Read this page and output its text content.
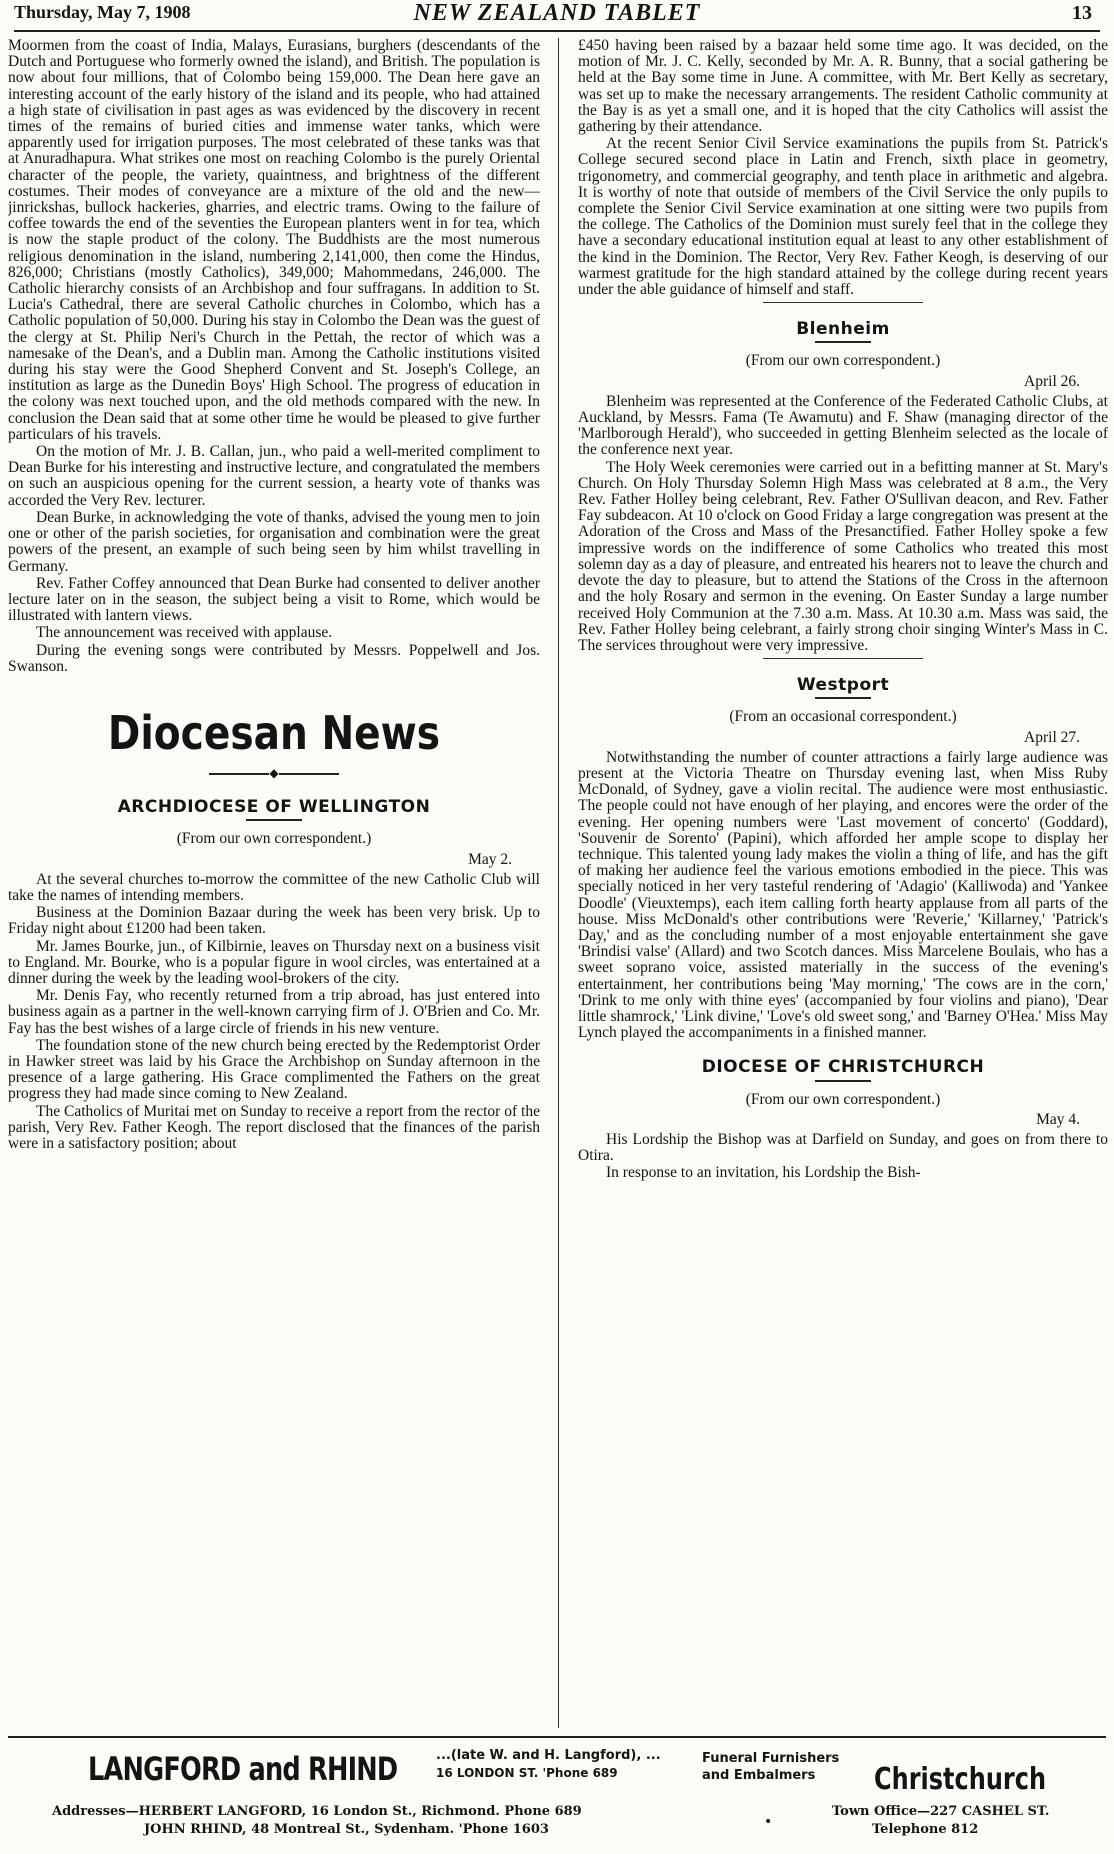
Thursday, May 7, 1908	NEW ZEALAND TABLET	13

Moormen from the coast of India, Malays, Eurasians, burghers (descendants of the Dutch and Portuguese who formerly owned the island), and British. The population is now about four millions, that of Colombo being 159,000. The Dean here gave an interesting account of the early history of the island and its people, who had attained a high state of civilisation in past ages as was evidenced by the discovery in recent times of the remains of buried cities and immense water tanks, which were apparently used for irrigation purposes. The most celebrated of these tanks was that at Anuradhapura. What strikes one most on reaching Colombo is the purely Oriental character of the people, the variety, quaintness, and brightness of the different costumes. Their modes of conveyance are a mixture of the old and the new—jinrickshas, bullock hackeries, gharries, and electric trams. Owing to the failure of coffee towards the end of the seventies the European planters went in for tea, which is now the staple product of the colony. The Buddhists are the most numerous religious denomination in the island, numbering 2,141,000, then come the Hindus, 826,000; Christians (mostly Catholics), 349,000; Mahommedans, 246,000. The Catholic hierarchy consists of an Archbishop and four suffragans. In addition to St. Lucia's Cathedral, there are several Catholic churches in Colombo, which has a Catholic population of 50,000. During his stay in Colombo the Dean was the guest of the clergy at St. Philip Neri's Church in the Pettah, the rector of which was a namesake of the Dean's, and a Dublin man. Among the Catholic institutions visited during his stay were the Good Shepherd Convent and St. Joseph's College, an institution as large as the Dunedin Boys' High School. The progress of education in the colony was next touched upon, and the old methods compared with the new. In conclusion the Dean said that at some other time he would be pleased to give further particulars of his travels.

On the motion of Mr. J. B. Callan, jun., who paid a well-merited compliment to Dean Burke for his interesting and instructive lecture, and congratulated the members on such an auspicious opening for the current session, a hearty vote of thanks was accorded the Very Rev. lecturer.

Dean Burke, in acknowledging the vote of thanks, advised the young men to join one or other of the parish societies, for organisation and combination were the great powers of the present, an example of such being seen by him whilst travelling in Germany.

Rev. Father Coffey announced that Dean Burke had consented to deliver another lecture later on in the season, the subject being a visit to Rome, which would be illustrated with lantern views.

The announcement was received with applause.

During the evening songs were contributed by Messrs. Poppelwell and Jos. Swanson.

Diocesan News
◆
ARCHDIOCESE OF WELLINGTON
(From our own correspondent.)
May 2.

At the several churches to-morrow the committee of the new Catholic Club will take the names of intending members.

Business at the Dominion Bazaar during the week has been very brisk. Up to Friday night about £1200 had been taken.

Mr. James Bourke, jun., of Kilbirnie, leaves on Thursday next on a business visit to England. Mr. Bourke, who is a popular figure in wool circles, was entertained at a dinner during the week by the leading wool-brokers of the city.

Mr. Denis Fay, who recently returned from a trip abroad, has just entered into business again as a partner in the well-known carrying firm of J. O'Brien and Co. Mr. Fay has the best wishes of a large circle of friends in his new venture.

The foundation stone of the new church being erected by the Redemptorist Order in Hawker street was laid by his Grace the Archbishop on Sunday afternoon in the presence of a large gathering. His Grace complimented the Fathers on the great progress they had made since coming to New Zealand.

The Catholics of Muritai met on Sunday to receive a report from the rector of the parish, Very Rev. Father Keogh. The report disclosed that the finances of the parish were in a satisfactory position; about

£450 having been raised by a bazaar held some time ago. It was decided, on the motion of Mr. J. C. Kelly, seconded by Mr. A. R. Bunny, that a social gathering be held at the Bay some time in June. A committee, with Mr. Bert Kelly as secretary, was set up to make the necessary arrangements. The resident Catholic community at the Bay is as yet a small one, and it is hoped that the city Catholics will assist the gathering by their attendance.

At the recent Senior Civil Service examinations the pupils from St. Patrick's College secured second place in Latin and French, sixth place in geometry, trigonometry, and commercial geography, and tenth place in arithmetic and algebra. It is worthy of note that outside of members of the Civil Service the only pupils to complete the Senior Civil Service examination at one sitting were two pupils from the college. The Catholics of the Dominion must surely feel that in the college they have a secondary educational institution equal at least to any other establishment of the kind in the Dominion. The Rector, Very Rev. Father Keogh, is deserving of our warmest gratitude for the high standard attained by the college during recent years under the able guidance of himself and staff.

Blenheim
(From our own correspondent.)
April 26.

Blenheim was represented at the Conference of the Federated Catholic Clubs, at Auckland, by Messrs. Fama (Te Awamutu) and F. Shaw (managing director of the 'Marlborough Herald'), who succeeded in getting Blenheim selected as the locale of the conference next year.

The Holy Week ceremonies were carried out in a befitting manner at St. Mary's Church. On Holy Thursday Solemn High Mass was celebrated at 8 a.m., the Very Rev. Father Holley being celebrant, Rev. Father O'Sullivan deacon, and Rev. Father Fay subdeacon. At 10 o'clock on Good Friday a large congregation was present at the Adoration of the Cross and Mass of the Presanctified. Father Holley spoke a few impressive words on the indifference of some Catholics who treated this most solemn day as a day of pleasure, and entreated his hearers not to leave the church and devote the day to pleasure, but to attend the Stations of the Cross in the afternoon and the holy Rosary and sermon in the evening. On Easter Sunday a large number received Holy Communion at the 7.30 a.m. Mass. At 10.30 a.m. Mass was said, the Rev. Father Holley being celebrant, a fairly strong choir singing Winter's Mass in C. The services throughout were very impressive.

Westport
(From an occasional correspondent.)
April 27.

Notwithstanding the number of counter attractions a fairly large audience was present at the Victoria Theatre on Thursday evening last, when Miss Ruby McDonald, of Sydney, gave a violin recital. The audience were most enthusiastic. The people could not have enough of her playing, and encores were the order of the evening. Her opening numbers were 'Last movement of concerto' (Goddard), 'Souvenir de Sorento' (Papini), which afforded her ample scope to display her technique. This talented young lady makes the violin a thing of life, and has the gift of making her audience feel the various emotions embodied in the piece. This was specially noticed in her very tasteful rendering of 'Adagio' (Kalliwoda) and 'Yankee Doodle' (Vieuxtemps), each item calling forth hearty applause from all parts of the house. Miss McDonald's other contributions were 'Reverie,' 'Killarney,' 'Patrick's Day,' and as the concluding number of a most enjoyable entertainment she gave 'Brindisi valse' (Allard) and two Scotch dances. Miss Marcelene Boulais, who has a sweet soprano voice, assisted materially in the success of the evening's entertainment, her contributions being 'May morning,' 'The cows are in the corn,' 'Drink to me only with thine eyes' (accompanied by four violins and piano), 'Dear little shamrock,' 'Link divine,' 'Love's old sweet song,' and 'Barney O'Hea.' Miss May Lynch played the accompaniments in a finished manner.

DIOCESE OF CHRISTCHURCH
(From our own correspondent.)
May 4.

His Lordship the Bishop was at Darfield on Sunday, and goes on from there to Otira.

In response to an invitation, his Lordship the Bish-

LANGFORD and RHIND	...(late W. and H. Langford), ...
16 LONDON ST. 'Phone 689
Funeral Furnishers and Embalmers	Christchurch
Addresses—HERBERT LANGFORD, 16 London St., Richmond. Phone 689
JOHN RHIND, 48 Montreal St., Sydenham. 'Phone 1603	•
Town Office—227 CASHEL ST.
Telephone 812
